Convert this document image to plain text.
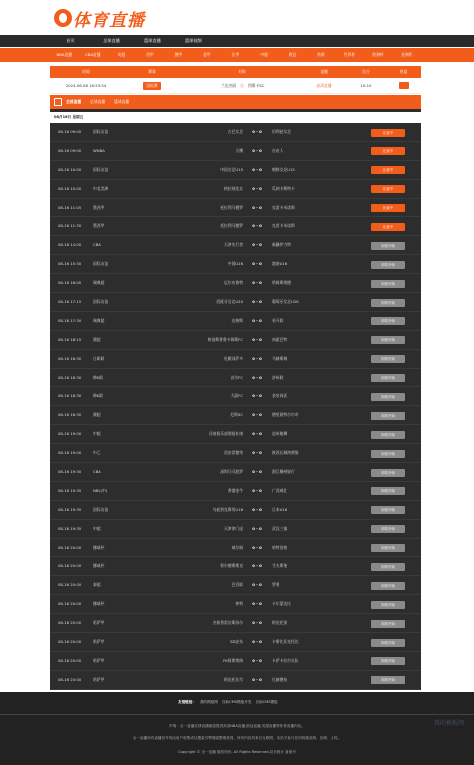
体育直播
首页	足球直播	篮球直播	篮球视频
NBA直播	CBA直播	英超	西甲	德甲	意甲	法甲	中超	欧冠	欧联	世界杯	欧洲杯	亚洲杯
时间	赛事	对阵	直播	比分	热度
2024-06-08 16:53:54	国际赛	兰达杰丽	让	图斯卡SC	高清直播	10:10
全部直播 足球直播 篮球直播
08月16日 星期五
08-16 09:00	国际友谊	古巴女足	0 - 0	伯利兹女足	比赛中
08-16 09:00	WNBA	天鹰	0 - 0	自由人	比赛中
08-16 10:00	国际友谊	中国女足U15	0 - 0	朝鲜女足U15	比赛中
08-16 10:00	中北美洲	格拉纳达女	0 - 0	瓜纳卡斯特卡	比赛中
08-16 11:05	墨西甲	托拉利马德罗	0 - 0	克雷卡米诺斯	比赛中
08-16 11:30	墨西甲	托拉利马德罗	0 - 0	克雷卡米诺斯	比赛中
08-16 14:00	CBA	天津先行者	0 - 0	新疆伊力特	即将开始
08-16 15:30	国际友谊	中国U16	0 - 0	越南U16	即将开始
08-16 16:00	瑞典超	厄尔布鲁特	0 - 0	哈姆斯塔德	即将开始
08-16 17:15	国际友谊	西班牙女足U20	0 - 0	葡萄牙女足U20	即将开始
08-16 17:30	瑞典超	达格斯	0 - 0	若开联	即将开始
08-16 18:15	澳超	格洛斯普鲁卡姆斯FC	0 - 0	南霍巴特	即将开始
08-16 18:30	日职联	札幌冈萨多	0 - 0	马赫斯城	即将开始
08-16 18:30	韩K联	首尔FC	0 - 0	济州联	即将开始
08-16 18:30	韩K联	大邱FC	0 - 0	金泉尚武	即将开始
08-16 18:30	澳超	尼斯SC	0 - 0	德里班特尔尔市	即将开始
08-16 19:00	中超	河南俱乐部酒祖杜康	0 - 0	沧州雄狮	即将开始
08-16 19:00	中乙	西安崇德荣	0 - 0	陕西长城鸿鹄堡	即将开始
08-16 19:30	CBA	深圳马可波罗	0 - 0	浙江稠州银行	即将开始
08-16 19:35	NBL(中)	香港金牛	0 - 0	广西威壮	即将开始
08-16 19:35	国际友谊	乌兹别克斯坦U16	0 - 0	日本U16	即将开始
08-16 19:35	中超	天津津门虎	0 - 0	武汉三镇	即将开始
08-16 20:00	挪威杯	威尔姆	0 - 0	哈特伯格	即将开始
08-16 20:00	挪威杯	积尔德斯维克	0 - 0	艾夫斯堡	即将开始
08-16 20:00	泰超	巴吞联	0 - 0	罗勇	即将开始
08-16 20:00	挪威杯	弗特	0 - 0	卡尔蒙达比	即将开始
08-16 20:00	哈萨甲	杰基普雷法斯洛尔	0 - 0	阿克托别	即将开始
08-16 20:00	哈萨甲	SD安东	0 - 0	卡斯比亚克托比	即将开始
08-16 20:00	哈萨甲	FK阿斯塔纳	0 - 0	卡萨卡拉尔贝队	即将开始
08-16 20:00	哈萨甲	阿克托比尔	0 - 0	扎赫德布	即将开始
友情链接： 我的模板网 自助CMS模板开发 自助CMS模板
声明：全一直播足球直播频道提供高清NBA直播,欧冠直播,英超直播等体育直播内容。
全一直播所有直播信号均由用户收集或从搜索引擎搜索整理获得，所有内容均来自互联网，本站不参与任何视频录制、存储、上传。
Copyright © 全一直播 版权所有. All Rights Reserved.站长统计 备案号
我的模板网
